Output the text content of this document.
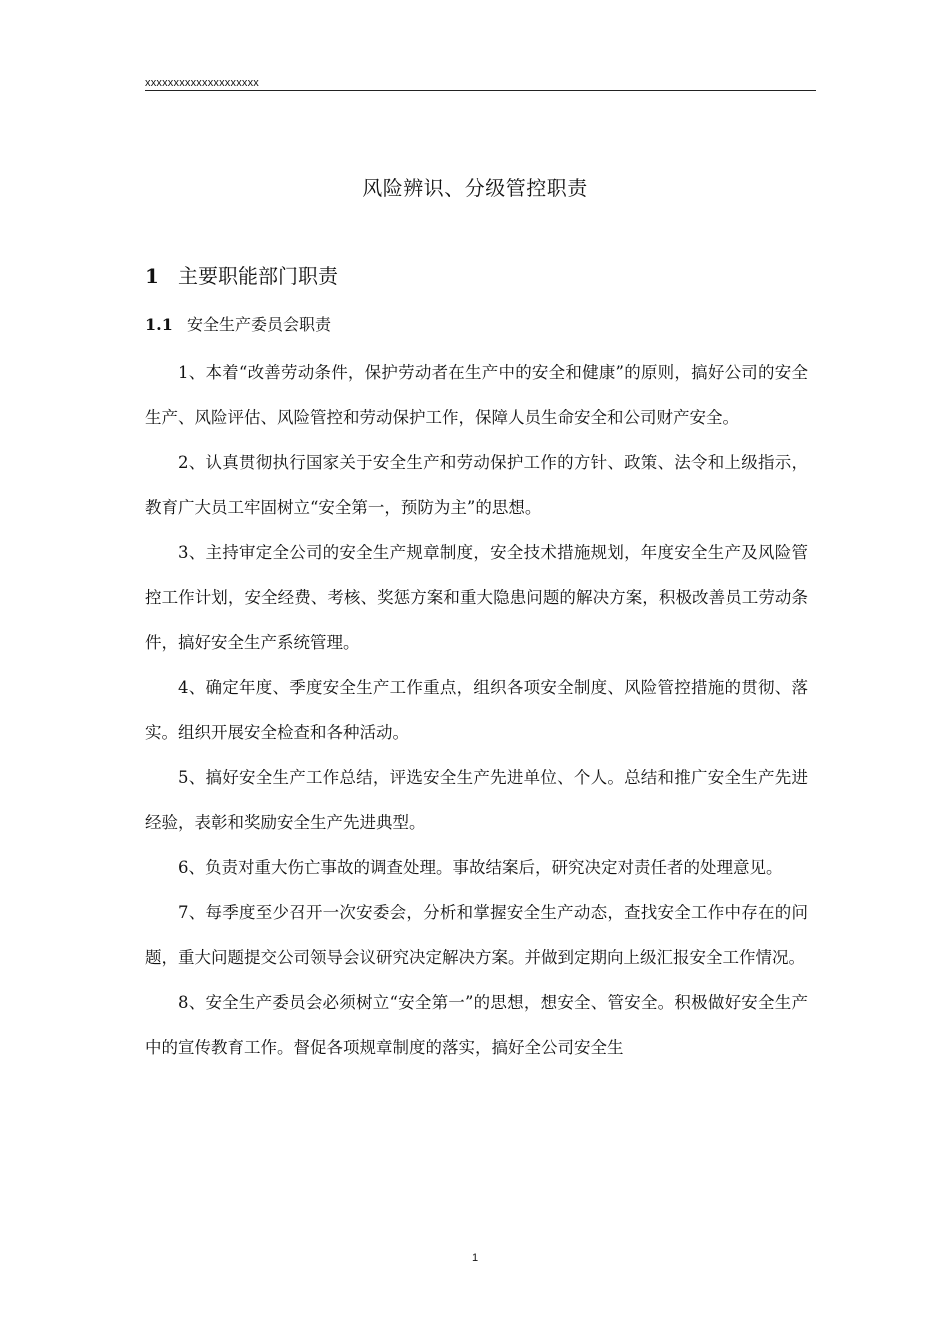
xxxxxxxxxxxxxxxxxxxx
风险辨识、分级管控职责
1 主要职能部门职责
1.1 安全生产委员会职责

1、本着“改善劳动条件，保护劳动者在生产中的安全和健康”的原则，搞好公司的安全生产、风险评估、风险管控和劳动保护工作，保障人员生命安全和公司财产安全。

2、认真贯彻执行国家关于安全生产和劳动保护工作的方针、政策、法令和上级指示，教育广大员工牢固树立“安全第一，预防为主”的思想。

3、主持审定全公司的安全生产规章制度，安全技术措施规划，年度安全生产及风险管控工作计划，安全经费、考核、奖惩方案和重大隐患问题的解决方案，积极改善员工劳动条件，搞好安全生产系统管理。

4、确定年度、季度安全生产工作重点，组织各项安全制度、风险管控措施的贯彻、落实。组织开展安全检查和各种活动。

5、搞好安全生产工作总结，评选安全生产先进单位、个人。总结和推广安全生产先进经验，表彰和奖励安全生产先进典型。

6、负责对重大伤亡事故的调查处理。事故结案后，研究决定对责任者的处理意见。

7、每季度至少召开一次安委会，分析和掌握安全生产动态，查找安全工作中存在的问题，重大问题提交公司领导会议研究决定解决方案。并做到定期向上级汇报安全工作情况。

8、安全生产委员会必须树立“安全第一”的思想，想安全、管安全。积极做好安全生产中的宣传教育工作。督促各项规章制度的落实，搞好全公司安全生

1
